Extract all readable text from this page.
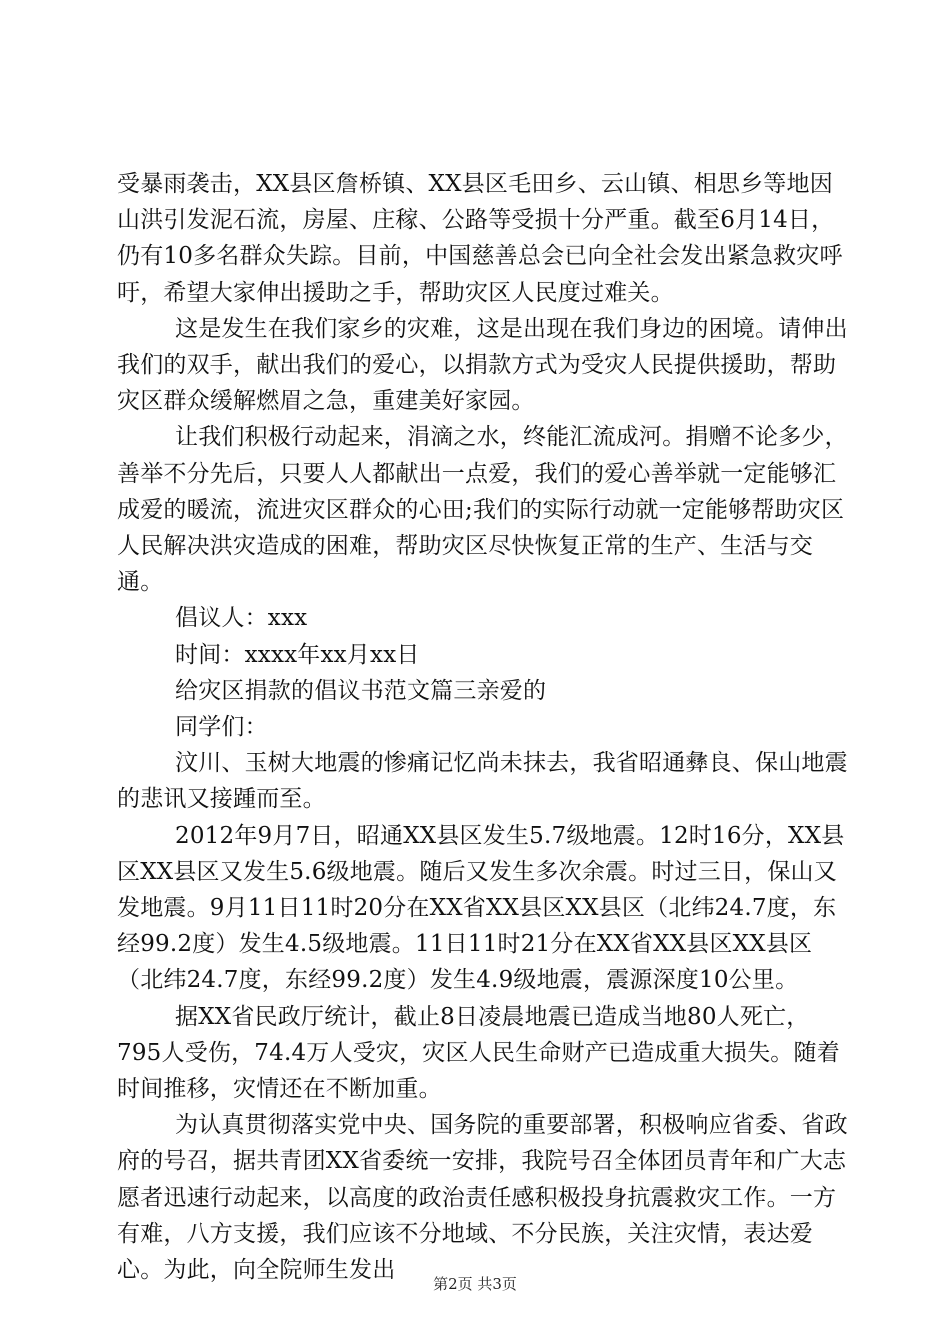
受暴雨袭击，XX县区詹桥镇、XX县区毛田乡、云山镇、相思乡等地因山洪引发泥石流，房屋、庄稼、公路等受损十分严重。截至6月14日，仍有10多名群众失踪。目前，中国慈善总会已向全社会发出紧急救灾呼吁，希望大家伸出援助之手，帮助灾区人民度过难关。

这是发生在我们家乡的灾难，这是出现在我们身边的困境。请伸出我们的双手，献出我们的爱心，以捐款方式为受灾人民提供援助，帮助灾区群众缓解燃眉之急，重建美好家园。

让我们积极行动起来，涓滴之水，终能汇流成河。捐赠不论多少，善举不分先后，只要人人都献出一点爱，我们的爱心善举就一定能够汇成爱的暖流，流进灾区群众的心田;我们的实际行动就一定能够帮助灾区人民解决洪灾造成的困难，帮助灾区尽快恢复正常的生产、生活与交通。

倡议人：xxx

时间：xxxx年xx月xx日

给灾区捐款的倡议书范文篇三亲爱的

同学们：

汶川、玉树大地震的惨痛记忆尚未抹去，我省昭通彝良、保山地震的悲讯又接踵而至。

2012年9月7日，昭通XX县区发生5.7级地震。12时16分，XX县区XX县区又发生5.6级地震。随后又发生多次余震。时过三日，保山又发地震。9月11日11时20分在XX省XX县区XX县区（北纬24.7度，东经99.2度）发生4.5级地震。11日11时21分在XX省XX县区XX县区（北纬24.7度，东经99.2度）发生4.9级地震，震源深度10公里。

据XX省民政厅统计，截止8日凌晨地震已造成当地80人死亡，795人受伤，74.4万人受灾，灾区人民生命财产已造成重大损失。随着时间推移，灾情还在不断加重。

为认真贯彻落实党中央、国务院的重要部署，积极响应省委、省政府的号召，据共青团XX省委统一安排，我院号召全体团员青年和广大志愿者迅速行动起来，以高度的政治责任感积极投身抗震救灾工作。一方有难，八方支援，我们应该不分地域、不分民族，关注灾情，表达爱心。为此，向全院师生发出

第2页 共3页
